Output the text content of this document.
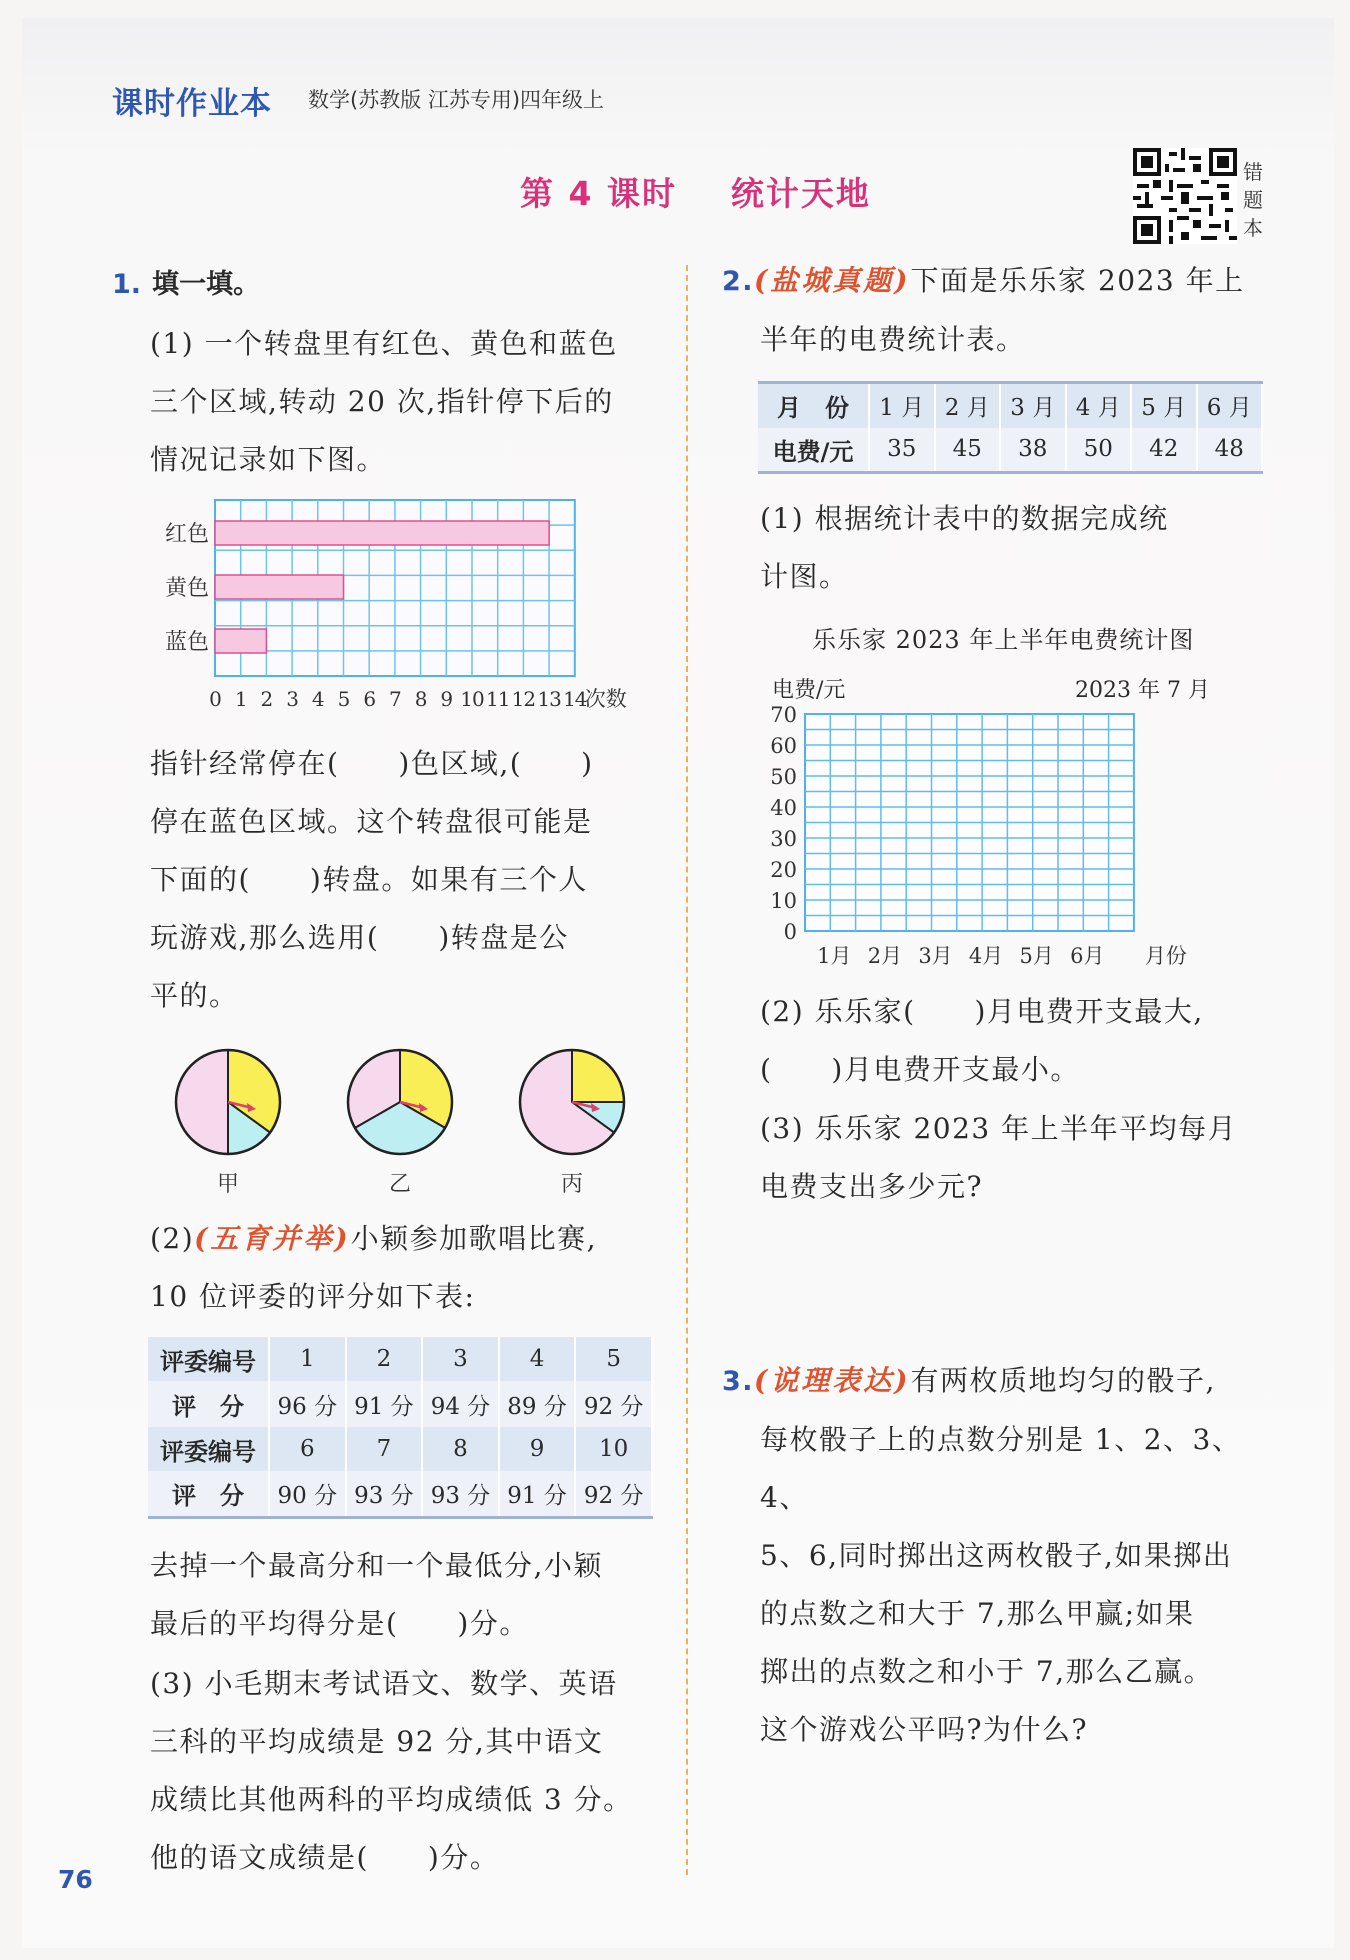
课时作业本 数学(苏教版 江苏专用)四年级上
第 4 课时    统计天地
错题本
1. 填一填。
(1) 一个转盘里有红色、黄色和蓝色
三个区域,转动 20 次,指针停下后的
情况记录如下图。
红色
黄色
蓝色
0 1 2 3 4 5 6 7 8 9 10 11 12 13 14
次数
指针经常停在(　　)色区域,(　　)
停在蓝色区域。这个转盘很可能是
下面的(　　)转盘。如果有三个人
玩游戏,那么选用(　　)转盘是公
平的。
甲	乙	丙
(2)(五育并举)小颖参加歌唱比赛,
10 位评委的评分如下表:
评委编号	1	2	3	4	5
评　分	96 分	91 分	94 分	89 分	92 分
评委编号	6	7	8	9	10
评　分	90 分	93 分	93 分	91 分	92 分
去掉一个最高分和一个最低分,小颖
最后的平均得分是(　　)分。
(3) 小毛期末考试语文、数学、英语
三科的平均成绩是 92 分,其中语文
成绩比其他两科的平均成绩低 3 分。
他的语文成绩是(　　)分。
2.(盐城真题)下面是乐乐家 2023 年上
半年的电费统计表。
月　份	1 月	2 月	3 月	4 月	5 月	6 月
电费/元	35	45	38	50	42	48
(1) 根据统计表中的数据完成统
计图。
乐乐家 2023 年上半年电费统计图
电费/元	2023 年 7 月
70
60
50
40
30
20
10
0
1月 2月 3月 4月 5月 6月 月份
(2) 乐乐家(　　)月电费开支最大,
(　　)月电费开支最小。
(3) 乐乐家 2023 年上半年平均每月
电费支出多少元?
3.(说理表达)有两枚质地均匀的骰子,
每枚骰子上的点数分别是 1、2、3、4、
5、6,同时掷出这两枚骰子,如果掷出
的点数之和大于 7,那么甲赢;如果
掷出的点数之和小于 7,那么乙赢。
这个游戏公平吗?为什么?
76
